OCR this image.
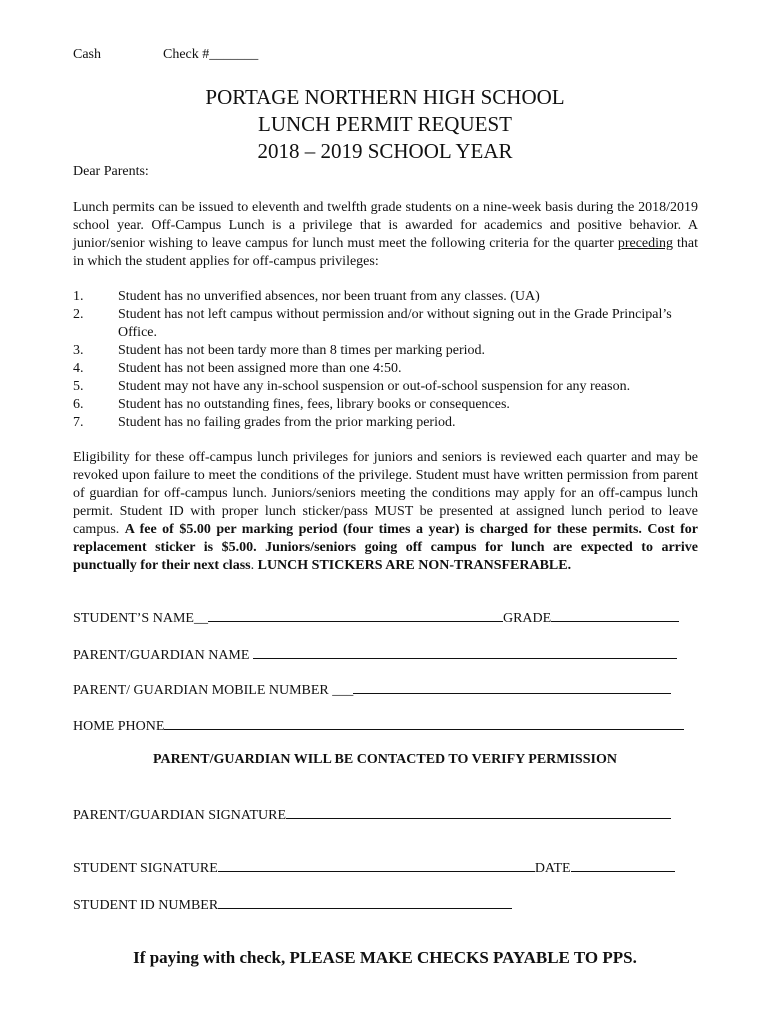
Cash	Check #_______
PORTAGE NORTHERN HIGH SCHOOL
LUNCH PERMIT REQUEST
2018 – 2019 SCHOOL YEAR
Dear Parents:
Lunch permits can be issued to eleventh and twelfth grade students on a nine-week basis during the 2018/2019 school year. Off-Campus Lunch is a privilege that is awarded for academics and positive behavior. A junior/senior wishing to leave campus for lunch must meet the following criteria for the quarter preceding that in which the student applies for off-campus privileges:
1.	Student has no unverified absences, nor been truant from any classes. (UA)
2.	Student has not left campus without permission and/or without signing out in the Grade Principal’s Office.
3.	Student has not been tardy more than 8 times per marking period.
4.	Student has not been assigned more than one 4:50.
5.	Student may not have any in-school suspension or out-of-school suspension for any reason.
6.	Student has no outstanding fines, fees, library books or consequences.
7.	Student has no failing grades from the prior marking period.
Eligibility for these off-campus lunch privileges for juniors and seniors is reviewed each quarter and may be revoked upon failure to meet the conditions of the privilege. Student must have written permission from parent of guardian for off-campus lunch. Juniors/seniors meeting the conditions may apply for an off-campus lunch permit. Student ID with proper lunch sticker/pass MUST be presented at assigned lunch period to leave campus. A fee of $5.00 per marking period (four times a year) is charged for these permits. Cost for replacement sticker is $5.00. Juniors/seniors going off campus for lunch are expected to arrive punctually for their next class. LUNCH STICKERS ARE NON-TRANSFERABLE.
STUDENT’S NAME__	GRADE
PARENT/GUARDIAN NAME
PARENT/ GUARDIAN MOBILE NUMBER ___
HOME PHONE
PARENT/GUARDIAN WILL BE CONTACTED TO VERIFY PERMISSION
PARENT/GUARDIAN SIGNATURE
STUDENT SIGNATURE	DATE
STUDENT ID NUMBER
If paying with check, PLEASE MAKE CHECKS PAYABLE TO PPS.
